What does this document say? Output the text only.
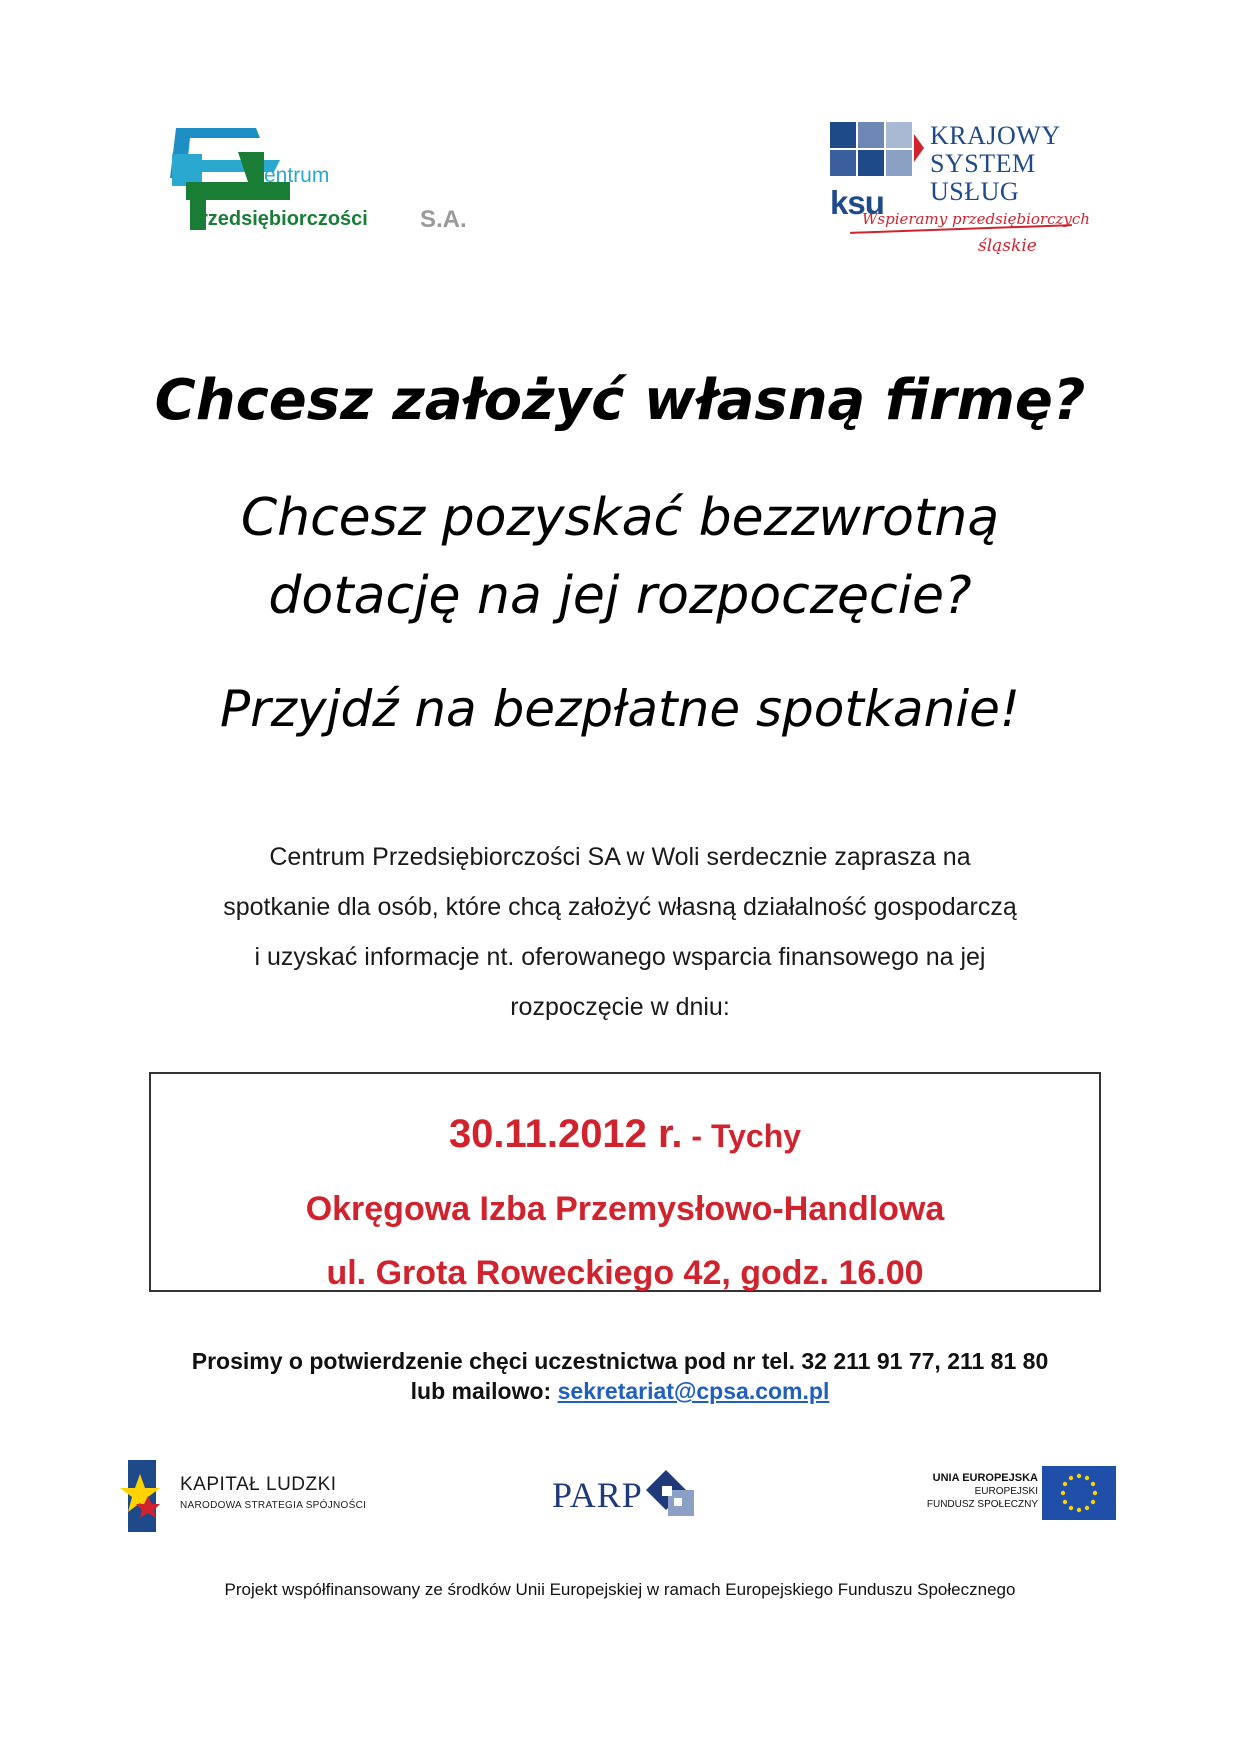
entrum
rzedsiębiorczości S.A.
KRAJOWY
SYSTEM
USŁUG
ksu
Wspieramy przedsiębiorczych
śląskie
Chcesz założyć własną firmę?
Chcesz pozyskać bezzwrotną
dotację na jej rozpoczęcie?
Przyjdź na bezpłatne spotkanie!
Centrum Przedsiębiorczości SA w Woli serdecznie zaprasza na
spotkanie dla osób, które chcą założyć własną działalność gospodarczą
i uzyskać informacje nt. oferowanego wsparcia finansowego na jej
rozpoczęcie w dniu:
30.11.2012 r. - Tychy
Okręgowa Izba Przemysłowo-Handlowa
ul. Grota Roweckiego 42, godz. 16.00
Prosimy o potwierdzenie chęci uczestnictwa pod nr tel. 32 211 91 77, 211 81 80
lub mailowo: sekretariat@cpsa.com.pl
KAPITAŁ LUDZKI
NARODOWA STRATEGIA SPÓJNOŚCI	PARP	UNIA EUROPEJSKA
EUROPEJSKI
FUNDUSZ SPOŁECZNY
Projekt współfinansowany ze środków Unii Europejskiej w ramach Europejskiego Funduszu Społecznego
